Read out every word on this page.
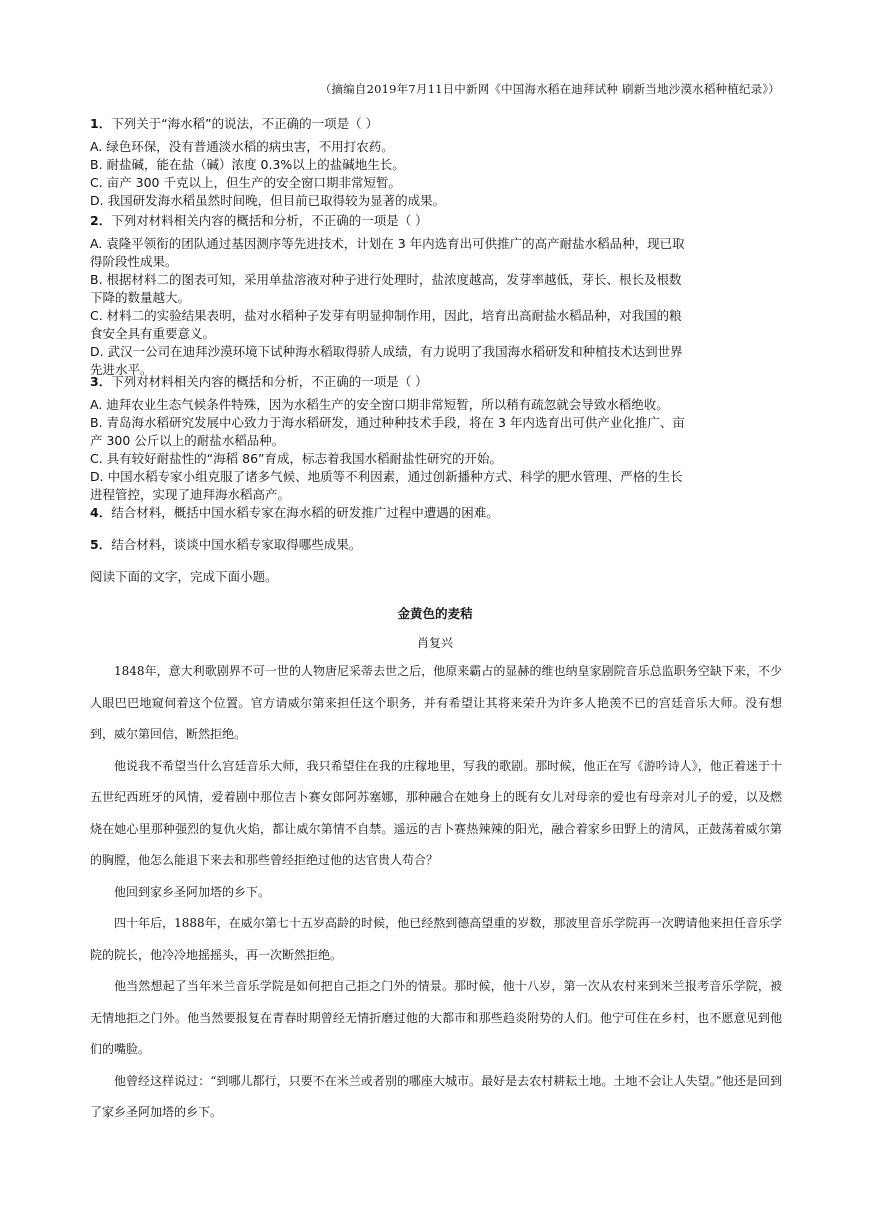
（摘编自2019年7月11日中新网《中国海水稻在迪拜试种 刷新当地沙漠水稻种植纪录》）
1．下列关于“海水稻”的说法，不正确的一项是（ ）
A. 绿色环保，没有普通淡水稻的病虫害，不用打农药。
B. 耐盐碱，能在盐（碱）浓度 0.3%以上的盐碱地生长。
C. 亩产 300 千克以上，但生产的安全窗口期非常短暂。
D. 我国研发海水稻虽然时间晚，但目前已取得较为显著的成果。
2．下列对材料相关内容的概括和分析，不正确的一项是（ ）
A. 袁隆平领衔的团队通过基因测序等先进技术，计划在 3 年内选育出可供推广的高产耐盐水稻品种，现已取得阶段性成果。
B. 根据材料二的图表可知，采用单盐溶液对种子进行处理时，盐浓度越高，发芽率越低，芽长、根长及根数下降的数量越大。
C. 材料二的实验结果表明，盐对水稻种子发芽有明显抑制作用，因此，培育出高耐盐水稻品种，对我国的粮食安全具有重要意义。
D. 武汉一公司在迪拜沙漠环境下试种海水稻取得骄人成绩，有力说明了我国海水稻研发和种植技术达到世界先进水平。
3．下列对材料相关内容的概括和分析，不正确的一项是（ ）
A. 迪拜农业生态气候条件特殊，因为水稻生产的安全窗口期非常短暂，所以稍有疏忽就会导致水稻绝收。
B. 青岛海水稻研究发展中心致力于海水稻研发，通过种种技术手段，将在 3 年内选育出可供产业化推广、亩产 300 公斤以上的耐盐水稻品种。
C. 具有较好耐盐性的“海稻 86”育成，标志着我国水稻耐盐性研究的开始。
D. 中国水稻专家小组克服了诸多气候、地质等不利因素，通过创新播种方式、科学的肥水管理、严格的生长进程管控，实现了迪拜海水稻高产。
4．结合材料，概括中国水稻专家在海水稻的研发推广过程中遭遇的困难。
5．结合材料，谈谈中国水稻专家取得哪些成果。
阅读下面的文字，完成下面小题。
金黄色的麦秸
肖复兴

1848年，意大利歌剧界不可一世的人物唐尼采蒂去世之后，他原来霸占的显赫的维也纳皇家剧院音乐总监职务空缺下来，不少人眼巴巴地窥伺着这个位置。官方请威尔第来担任这个职务，并有希望让其将来荣升为许多人艳羡不已的宫廷音乐大师。没有想到，威尔第回信，断然拒绝。

他说我不希望当什么宫廷音乐大师，我只希望住在我的庄稼地里，写我的歌剧。那时候，他正在写《游吟诗人》，他正着迷于十五世纪西班牙的风情，爱着剧中那位吉卜赛女郎阿苏塞娜，那种融合在她身上的既有女儿对母亲的爱也有母亲对儿子的爱，以及燃烧在她心里那种强烈的复仇火焰，都让威尔第情不自禁。遥远的吉卜赛热辣辣的阳光，融合着家乡田野上的清风，正鼓荡着威尔第的胸膛，他怎么能退下来去和那些曾经拒绝过他的达官贵人苟合？

他回到家乡圣阿加塔的乡下。

四十年后，1888年，在威尔第七十五岁高龄的时候，他已经熬到德高望重的岁数，那波里音乐学院再一次聘请他来担任音乐学院的院长，他冷冷地摇摇头，再一次断然拒绝。

他当然想起了当年米兰音乐学院是如何把自己拒之门外的情景。那时候，他十八岁，第一次从农村来到米兰报考音乐学院，被无情地拒之门外。他当然要报复在青春时期曾经无情折磨过他的大都市和那些趋炎附势的人们。他宁可住在乡村，也不愿意见到他们的嘴脸。

他曾经这样说过：“到哪儿都行，只要不在米兰或者别的哪座大城市。最好是去农村耕耘土地。土地不会让人失望。”他还是回到了家乡圣阿加塔的乡下。
